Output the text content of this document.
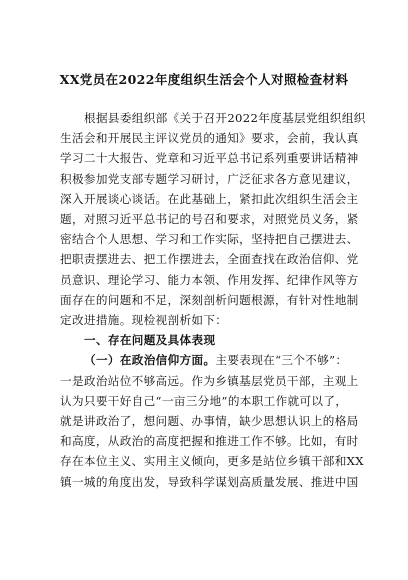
XX党员在2022年度组织生活会个人对照检查材料
根据县委组织部《关于召开2022年度基层党组织组织
生活会和开展民主评议党员的通知》要求，会前，我认真
学习二十大报告、党章和习近平总书记系列重要讲话精神
积极参加党支部专题学习研讨，广泛征求各方意见建议，
深入开展谈心谈话。在此基础上，紧扣此次组织生活会主
题，对照习近平总书记的号召和要求，对照党员义务，紧
密结合个人思想、学习和工作实际，坚持把自己摆进去、
把职责摆进去、把工作摆进去，全面查找在政治信仰、党
员意识、理论学习、能力本领、作用发挥、纪律作风等方
面存在的问题和不足，深刻剖析问题根源，有针对性地制
定改进措施。现检视剖析如下：
一、存在问题及具体表现
（一）在政治信仰方面。主要表现在“三个不够”：
一是政治站位不够高远。作为乡镇基层党员干部，主观上
认为只要干好自己“一亩三分地”的本职工作就可以了，
就是讲政治了，想问题、办事情，缺少思想认识上的格局
和高度，从政治的高度把握和推进工作不够。比如，有时
存在本位主义、实用主义倾向，更多是站位乡镇干部和XX
镇一城的角度出发，导致科学谋划高质量发展、推进中国
